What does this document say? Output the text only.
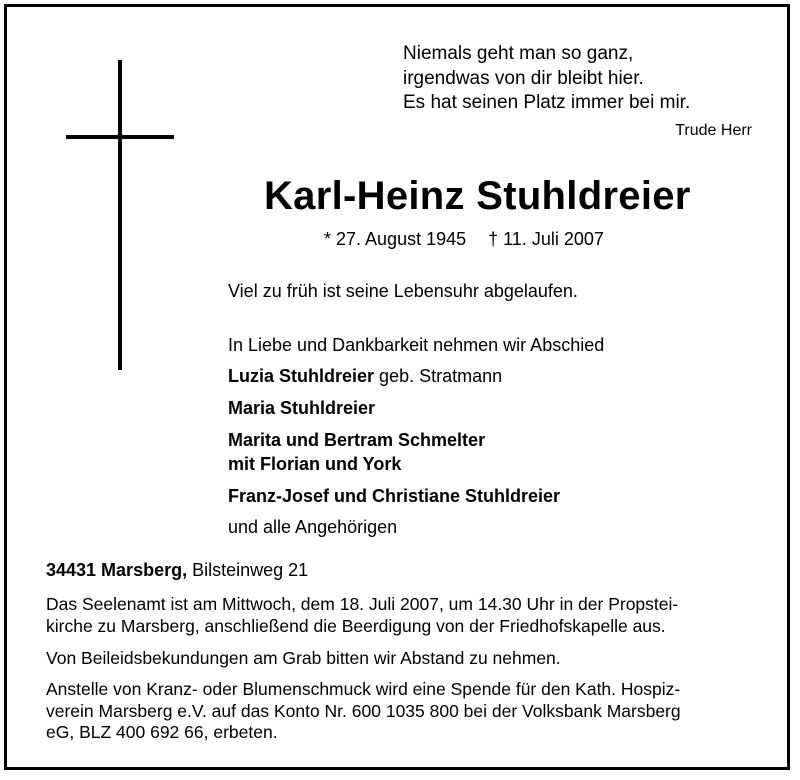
Niemals geht man so ganz,
irgendwas von dir bleibt hier.
Es hat seinen Platz immer bei mir.
Trude Herr
Karl-Heinz Stuhldreier
* 27. August 1945 † 11. Juli 2007
Viel zu früh ist seine Lebensuhr abgelaufen.
In Liebe und Dankbarkeit nehmen wir Abschied
Luzia Stuhldreier geb. Stratmann
Maria Stuhldreier
Marita und Bertram Schmelter
mit Florian und York
Franz-Josef und Christiane Stuhldreier
und alle Angehörigen
34431 Marsberg, Bilsteinweg 21
Das Seelenamt ist am Mittwoch, dem 18. Juli 2007, um 14.30 Uhr in der Propstei-
kirche zu Marsberg, anschließend die Beerdigung von der Friedhofskapelle aus.
Von Beileidsbekundungen am Grab bitten wir Abstand zu nehmen.
Anstelle von Kranz- oder Blumenschmuck wird eine Spende für den Kath. Hospiz-
verein Marsberg e.V. auf das Konto Nr. 600 1035 800 bei der Volksbank Marsberg
eG, BLZ 400 692 66, erbeten.
